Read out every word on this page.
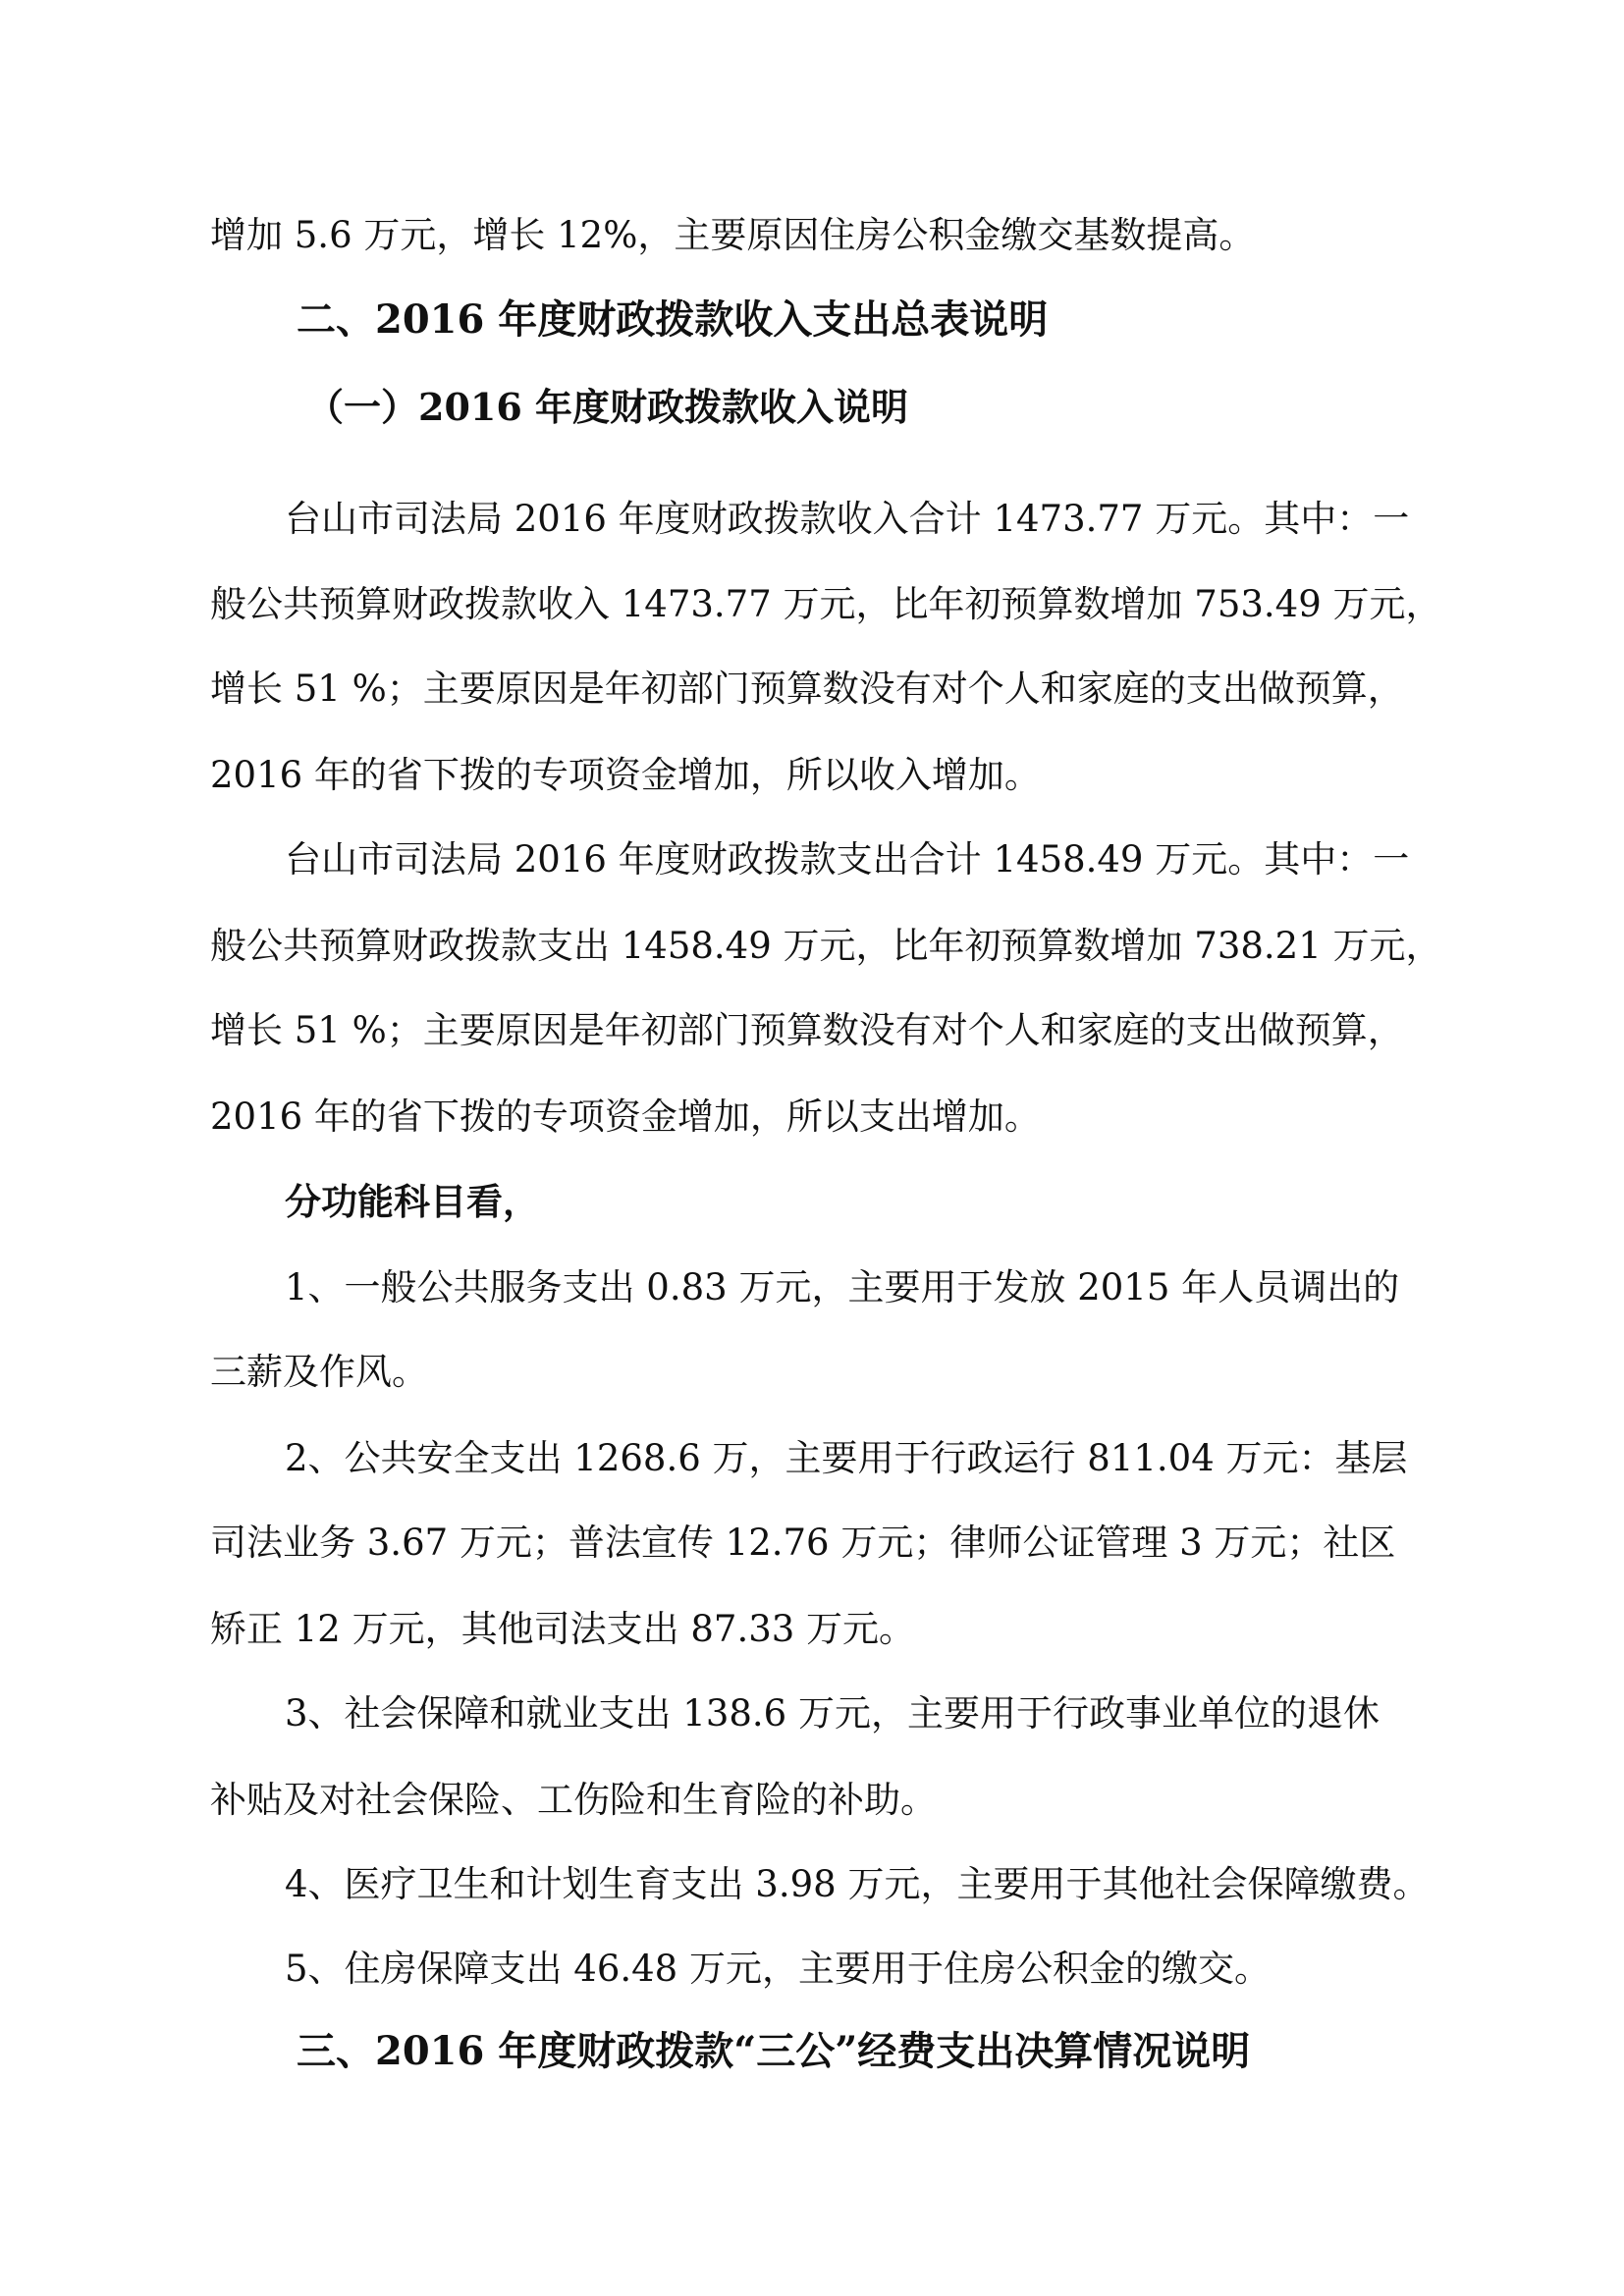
增加 5.6 万元，增长 12%，主要原因住房公积金缴交基数提高。
二、2016 年度财政拨款收入支出总表说明
（一）2016 年度财政拨款收入说明
台山市司法局 2016 年度财政拨款收入合计 1473.77 万元。其中：一
般公共预算财政拨款收入 1473.77 万元，比年初预算数增加 753.49 万元，
增长 51 %；主要原因是年初部门预算数没有对个人和家庭的支出做预算，
2016 年的省下拨的专项资金增加，所以收入增加。
台山市司法局 2016 年度财政拨款支出合计 1458.49 万元。其中：一
般公共预算财政拨款支出 1458.49 万元，比年初预算数增加 738.21 万元，
增长 51 %；主要原因是年初部门预算数没有对个人和家庭的支出做预算，
2016 年的省下拨的专项资金增加，所以支出增加。
分功能科目看，
1、一般公共服务支出 0.83 万元，主要用于发放 2015 年人员调出的
三薪及作风。
2、公共安全支出 1268.6 万，主要用于行政运行 811.04 万元：基层
司法业务 3.67 万元；普法宣传 12.76 万元；律师公证管理 3 万元；社区
矫正 12 万元，其他司法支出 87.33 万元。
3、社会保障和就业支出 138.6 万元，主要用于行政事业单位的退休
补贴及对社会保险、工伤险和生育险的补助。
4、医疗卫生和计划生育支出 3.98 万元，主要用于其他社会保障缴费。
5、住房保障支出 46.48 万元，主要用于住房公积金的缴交。
三、2016 年度财政拨款“三公”经费支出决算情况说明
